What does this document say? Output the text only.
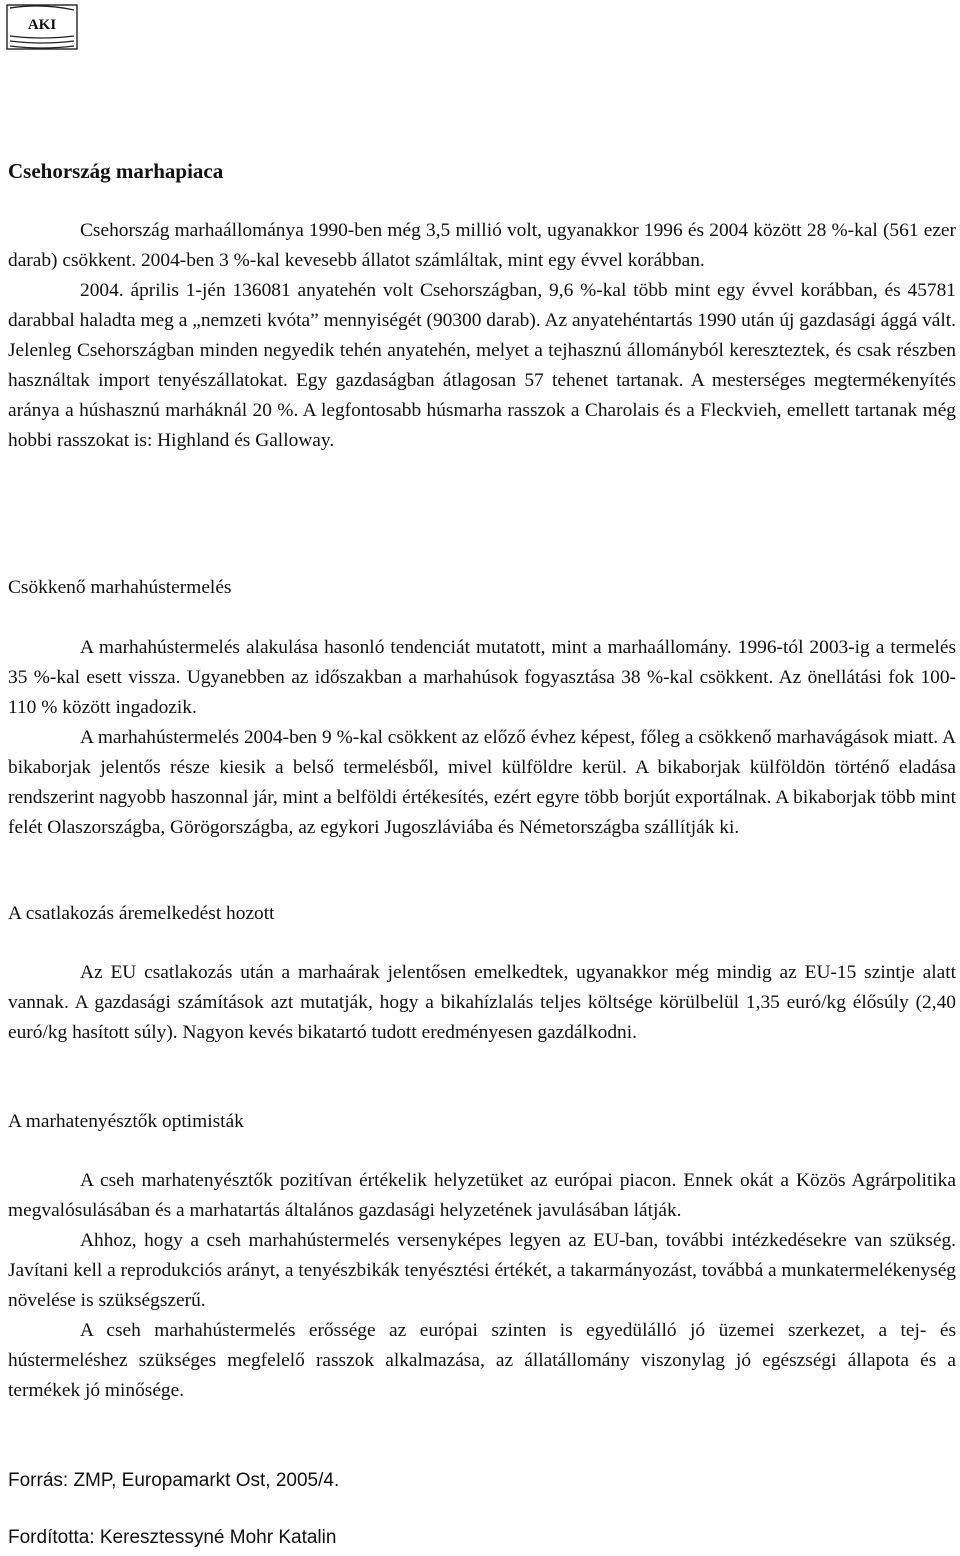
AKI
Csehország marhapiaca
Csehország marhaállománya 1990-ben még 3,5 millió volt, ugyanakkor 1996 és 2004 között 28 %-kal (561 ezer darab) csökkent. 2004-ben 3 %-kal kevesebb állatot számláltak, mint egy évvel korábban.
2004. április 1-jén 136081 anyatehén volt Csehországban, 9,6 %-kal több mint egy évvel korábban, és 45781 darabbal haladta meg a „nemzeti kvóta” mennyiségét (90300 darab). Az anyatehéntartás 1990 után új gazdasági ággá vált. Jelenleg Csehországban minden negyedik tehén anyatehén, melyet a tejhasznú állományból kereszteztek, és csak részben használtak import tenyészállatokat. Egy gazdaságban átlagosan 57 tehenet tartanak. A mesterséges megtermékenyítés aránya a húshasznú marháknál 20 %. A legfontosabb húsmarha rasszok a Charolais és a Fleckvieh, emellett tartanak még hobbi rasszokat is: Highland és Galloway.
Csökkenő marhahústermelés
A marhahústermelés alakulása hasonló tendenciát mutatott, mint a marhaállomány. 1996-tól 2003-ig a termelés 35 %-kal esett vissza. Ugyanebben az időszakban a marhahúsok fogyasztása 38 %-kal csökkent. Az önellátási fok 100-110 % között ingadozik.
A marhahústermelés 2004-ben 9 %-kal csökkent az előző évhez képest, főleg a csökkenő marhavágások miatt. A bikaborjak jelentős része kiesik a belső termelésből, mivel külföldre kerül. A bikaborjak külföldön történő eladása rendszerint nagyobb haszonnal jár, mint a belföldi értékesítés, ezért egyre több borjút exportálnak. A bikaborjak több mint felét Olaszországba, Görögországba, az egykori Jugoszláviába és Németországba szállítják ki.
A csatlakozás áremelkedést hozott
Az EU csatlakozás után a marhaárak jelentősen emelkedtek, ugyanakkor még mindig az EU-15 szintje alatt vannak. A gazdasági számítások azt mutatják, hogy a bikahízlalás teljes költsége körülbelül 1,35 euró/kg élősúly (2,40 euró/kg hasított súly). Nagyon kevés bikatartó tudott eredményesen gazdálkodni.
A marhatenyésztők optimisták
A cseh marhatenyésztők pozitívan értékelik helyzetüket az európai piacon. Ennek okát a Közös Agrárpolitika megvalósulásában és a marhatartás általános gazdasági helyzetének javulásában látják.
Ahhoz, hogy a cseh marhahústermelés versenyképes legyen az EU-ban, további intézkedésekre van szükség. Javítani kell a reprodukciós arányt, a tenyészbikák tenyésztési értékét, a takarmányozást, továbbá a munkatermelékenység növelése is szükségszerű.
A cseh marhahústermelés erőssége az európai szinten is egyedülálló jó üzemei szerkezet, a tej- és hústermeléshez szükséges megfelelő rasszok alkalmazása, az állatállomány viszonylag jó egészségi állapota és a termékek jó minősége.

Forrás: ZMP, Europamarkt Ost, 2005/4.

Fordította: Keresztessyné Mohr Katalin
